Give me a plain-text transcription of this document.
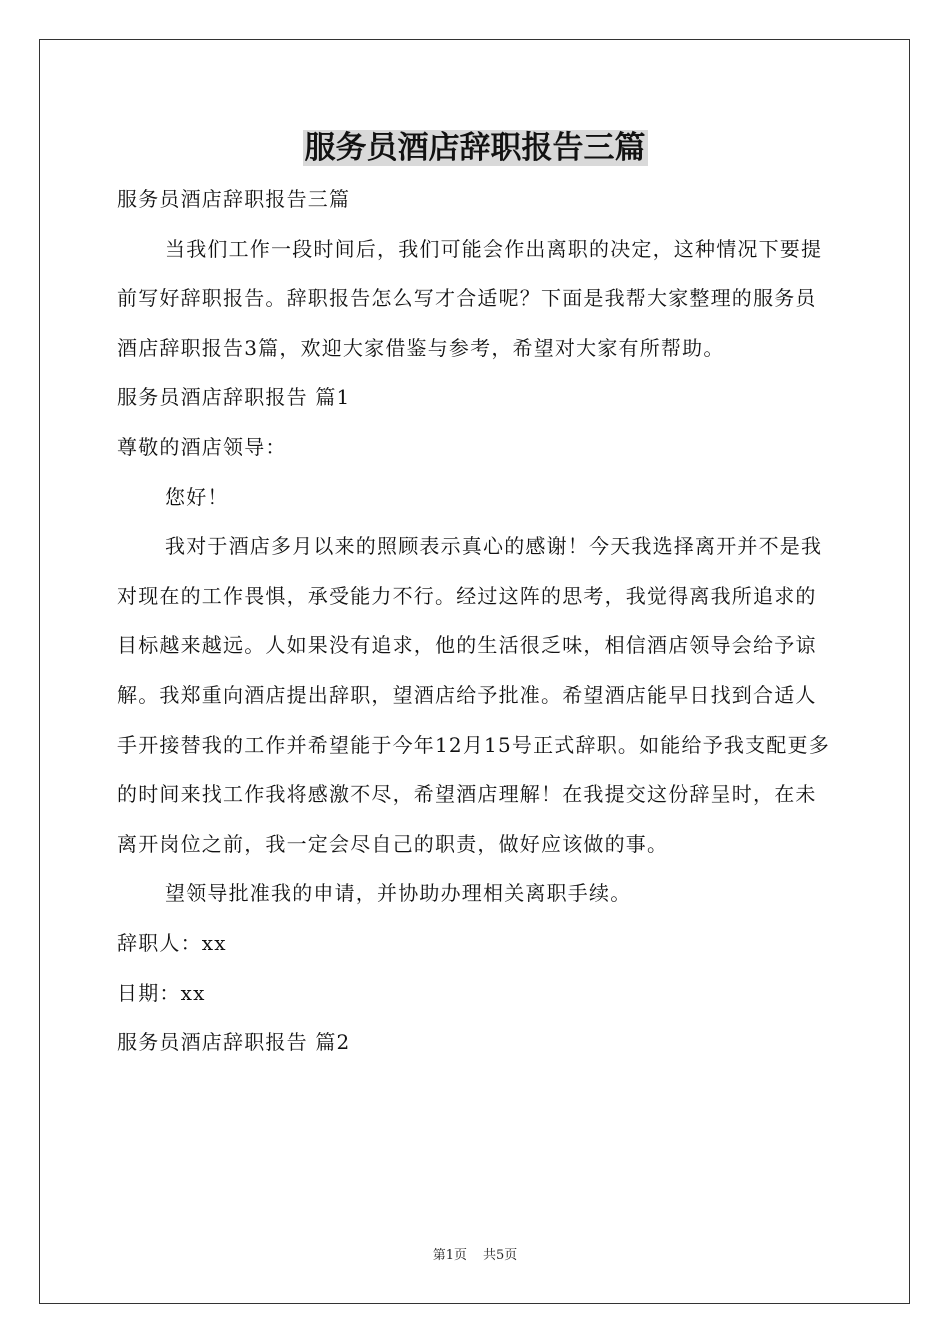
服务员酒店辞职报告三篇

服务员酒店辞职报告三篇

当我们工作一段时间后，我们可能会作出离职的决定，这种情况下要提前写好辞职报告。辞职报告怎么写才合适呢？下面是我帮大家整理的服务员酒店辞职报告3篇，欢迎大家借鉴与参考，希望对大家有所帮助。

服务员酒店辞职报告 篇1

尊敬的酒店领导：

您好！

我对于酒店多月以来的照顾表示真心的感谢！今天我选择离开并不是我对现在的工作畏惧，承受能力不行。经过这阵的思考，我觉得离我所追求的目标越来越远。人如果没有追求，他的生活很乏味，相信酒店领导会给予谅解。我郑重向酒店提出辞职，望酒店给予批准。希望酒店能早日找到合适人手开接替我的工作并希望能于今年12月15号正式辞职。如能给予我支配更多的时间来找工作我将感激不尽，希望酒店理解！在我提交这份辞呈时，在未离开岗位之前，我一定会尽自己的职责，做好应该做的事。

望领导批准我的申请，并协助办理相关离职手续。

辞职人：xx

日期：xx

服务员酒店辞职报告 篇2

第1页 共5页
